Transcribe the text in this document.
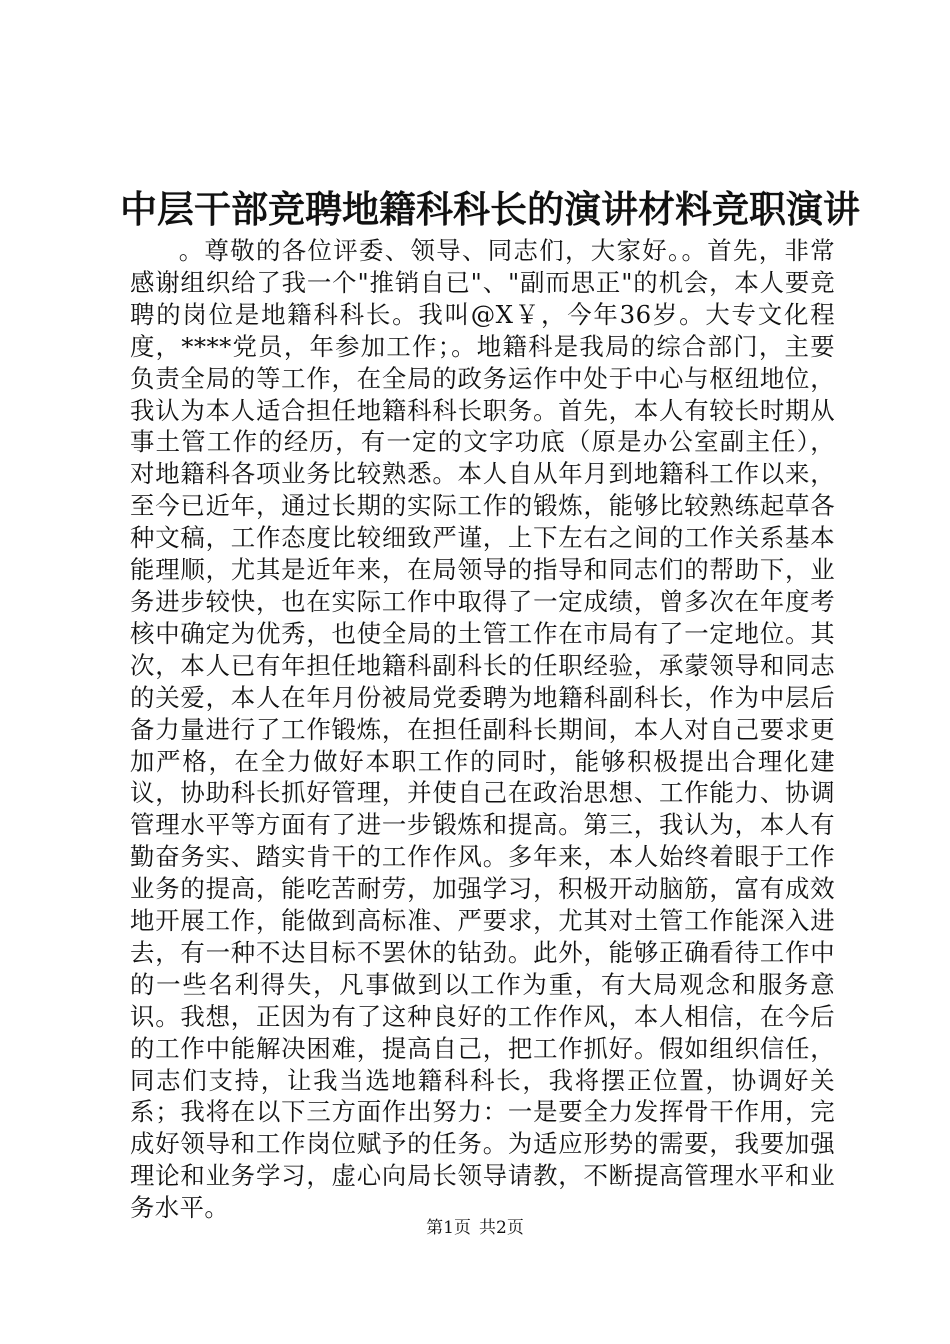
中层干部竞聘地籍科科长的演讲材料竞职演讲

。尊敬的各位评委、领导、同志们，大家好。。首先，非常感谢组织给了我一个"推销自已"、"副而思正"的机会，本人要竞聘的岗位是地籍科科长。我叫@X￥，今年36岁。大专文化程度，****党员，年参加工作；。地籍科是我局的综合部门，主要负责全局的等工作，在全局的政务运作中处于中心与枢纽地位，我认为本人适合担任地籍科科长职务。首先，本人有较长时期从事土管工作的经历，有一定的文字功底（原是办公室副主任），对地籍科各项业务比较熟悉。本人自从年月到地籍科工作以来，至今已近年，通过长期的实际工作的锻炼，能够比较熟练起草各种文稿，工作态度比较细致严谨，上下左右之间的工作关系基本能理顺，尤其是近年来，在局领导的指导和同志们的帮助下，业务进步较快，也在实际工作中取得了一定成绩，曾多次在年度考核中确定为优秀，也使全局的土管工作在市局有了一定地位。其次，本人已有年担任地籍科副科长的任职经验，承蒙领导和同志的关爱，本人在年月份被局党委聘为地籍科副科长，作为中层后备力量进行了工作锻炼，在担任副科长期间，本人对自己要求更加严格，在全力做好本职工作的同时，能够积极提出合理化建议，协助科长抓好管理，并使自己在政治思想、工作能力、协调管理水平等方面有了进一步锻炼和提高。第三，我认为，本人有勤奋务实、踏实肯干的工作作风。多年来，本人始终着眼于工作业务的提高，能吃苦耐劳，加强学习，积极开动脑筋，富有成效地开展工作，能做到高标准、严要求，尤其对土管工作能深入进去，有一种不达目标不罢休的钻劲。此外，能够正确看待工作中的一些名利得失，凡事做到以工作为重，有大局观念和服务意识。我想，正因为有了这种良好的工作作风，本人相信，在今后的工作中能解决困难，提高自己，把工作抓好。假如组织信任，同志们支持，让我当选地籍科科长，我将摆正位置，协调好关系；我将在以下三方面作出努力：一是要全力发挥骨干作用，完成好领导和工作岗位赋予的任务。为适应形势的需要，我要加强理论和业务学习，虚心向局长领导请教，不断提高管理水平和业务水平。

第1页 共2页
